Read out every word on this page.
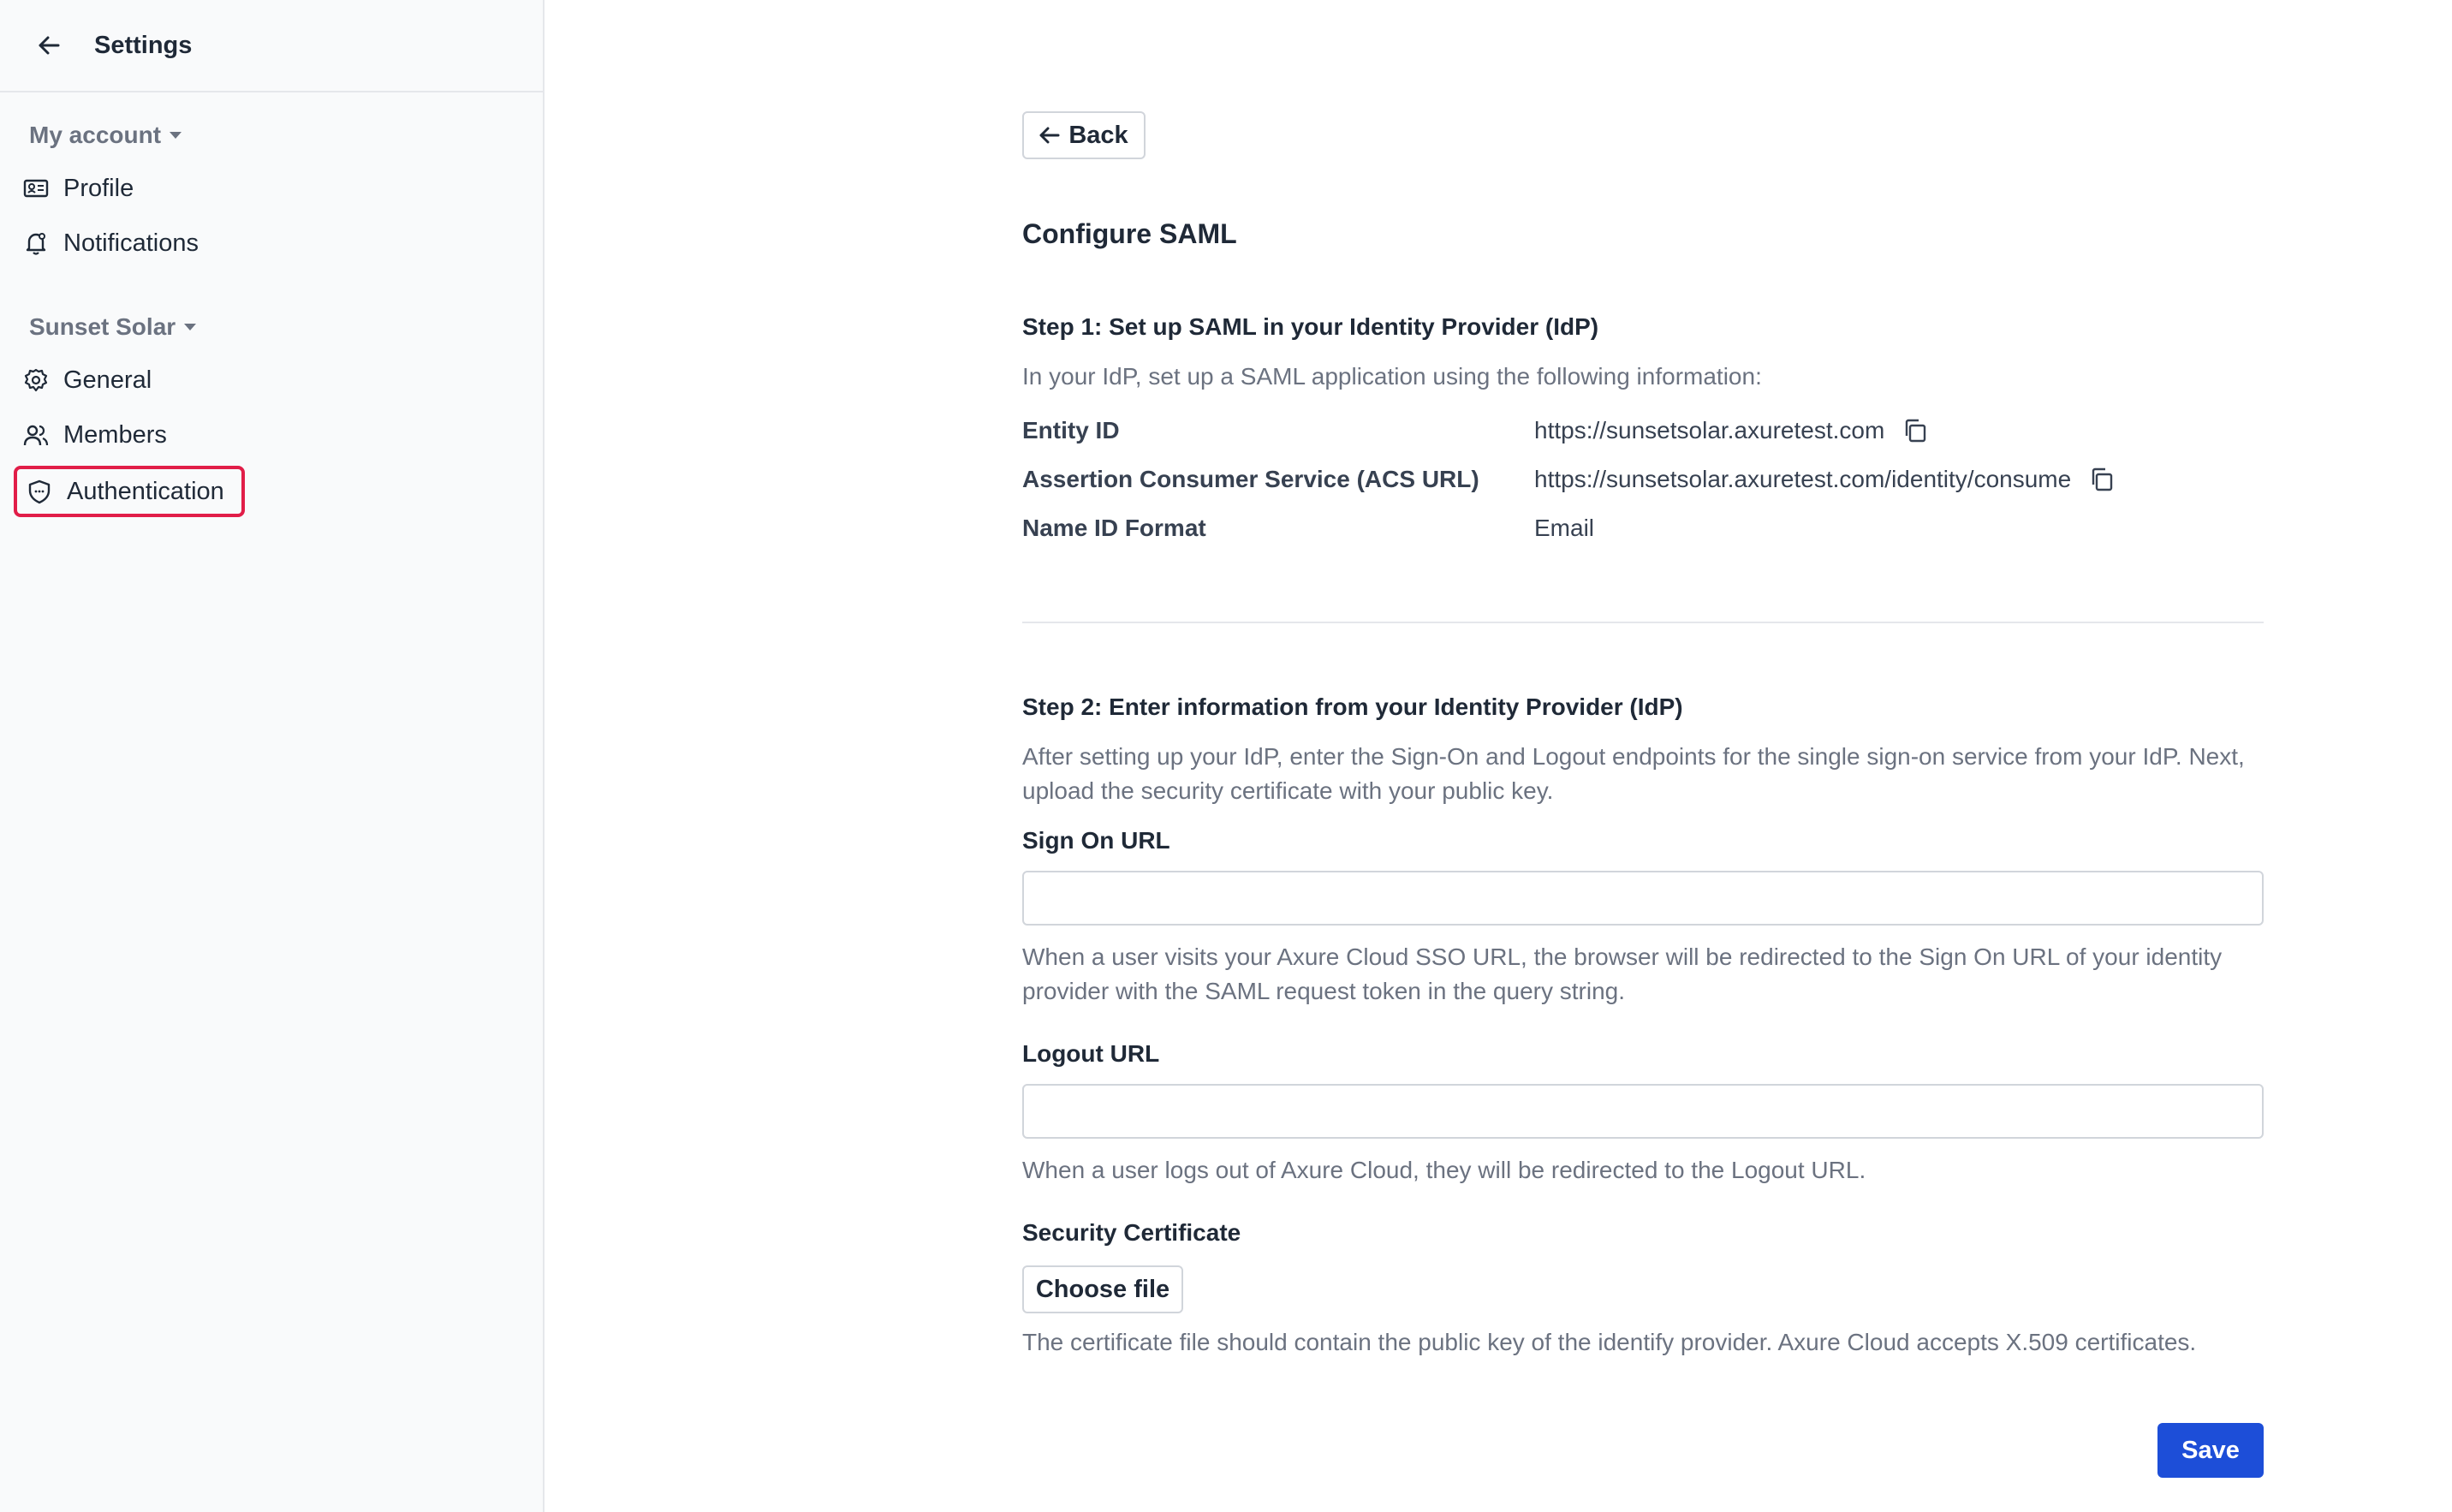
Settings
My account
Profile
Notifications
Sunset Solar
General
Members
Authentication
Back
Configure SAML
Step 1: Set up SAML in your Identity Provider (IdP)
In your IdP, set up a SAML application using the following information:
Entity ID	https://sunsetsolar.axuretest.com
Assertion Consumer Service (ACS URL) https://sunsetsolar.axuretest.com/identity/consume
Name ID Format	Email
Step 2: Enter information from your Identity Provider (IdP)
After setting up your IdP, enter the Sign-On and Logout endpoints for the single sign-on service from your IdP. Next, upload the security certificate with your public key.
Sign On URL
When a user visits your Axure Cloud SSO URL, the browser will be redirected to the Sign On URL of your identity provider with the SAML request token in the query string.
Logout URL
When a user logs out of Axure Cloud, they will be redirected to the Logout URL.
Security Certificate
Choose file
The certificate file should contain the public key of the identify provider. Axure Cloud accepts X.509 certificates.
Save
